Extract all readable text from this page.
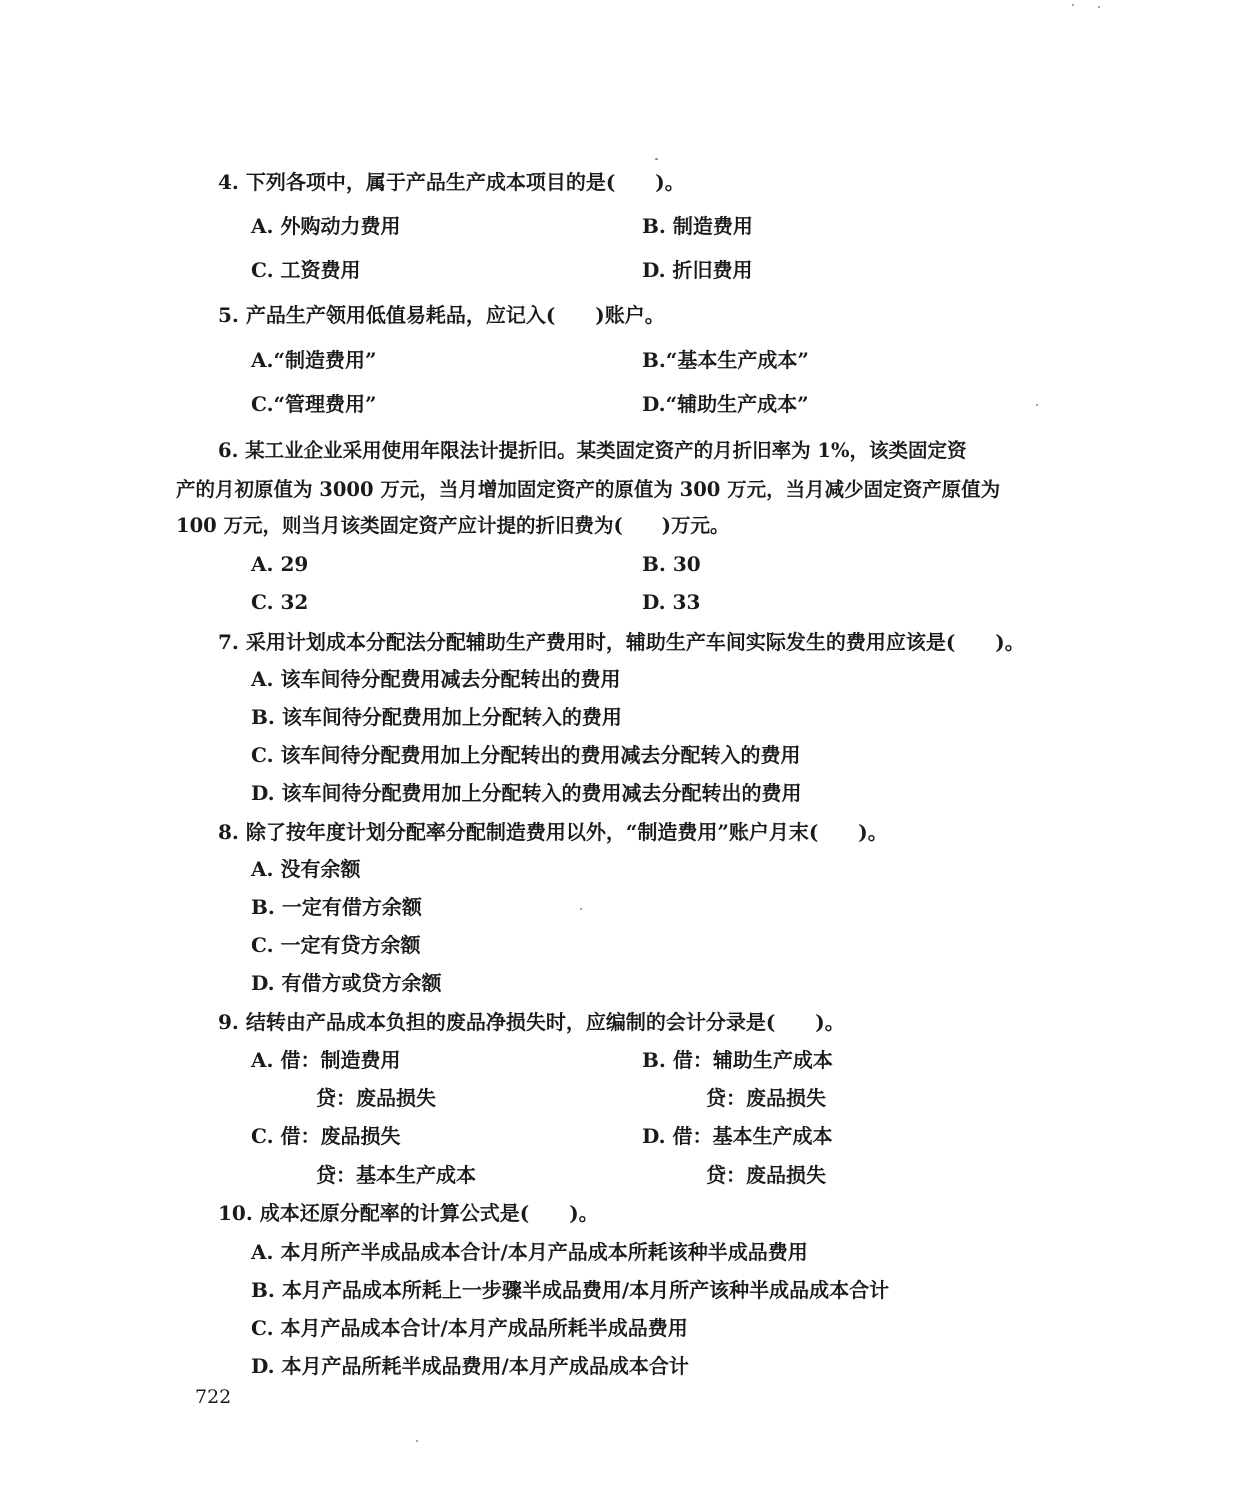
4. 下列各项中，属于产品生产成本项目的是(　　)。
A. 外购动力费用	B. 制造费用
C. 工资费用	D. 折旧费用
5. 产品生产领用低值易耗品，应记入(　　)账户。
A.“制造费用”	B.“基本生产成本”
C.“管理费用”	D.“辅助生产成本”
6. 某工业企业采用使用年限法计提折旧。某类固定资产的月折旧率为 1%，该类固定资
产的月初原值为 3000 万元，当月增加固定资产的原值为 300 万元，当月减少固定资产原值为
100 万元，则当月该类固定资产应计提的折旧费为(　　)万元。
A. 29	B. 30
C. 32	D. 33
7. 采用计划成本分配法分配辅助生产费用时，辅助生产车间实际发生的费用应该是(　　)。
A. 该车间待分配费用减去分配转出的费用
B. 该车间待分配费用加上分配转入的费用
C. 该车间待分配费用加上分配转出的费用减去分配转入的费用
D. 该车间待分配费用加上分配转入的费用减去分配转出的费用
8. 除了按年度计划分配率分配制造费用以外，“制造费用”账户月末(　　)。
A. 没有余额
B. 一定有借方余额
C. 一定有贷方余额
D. 有借方或贷方余额
9. 结转由产品成本负担的废品净损失时，应编制的会计分录是(　　)。
A. 借：制造费用	B. 借：辅助生产成本
贷：废品损失	贷：废品损失
C. 借：废品损失	D. 借：基本生产成本
贷：基本生产成本	贷：废品损失
10. 成本还原分配率的计算公式是(　　)。
A. 本月所产半成品成本合计/本月产品成本所耗该种半成品费用
B. 本月产品成本所耗上一步骤半成品费用/本月所产该种半成品成本合计
C. 本月产品成本合计/本月产成品所耗半成品费用
D. 本月产品所耗半成品费用/本月产成品成本合计
722
